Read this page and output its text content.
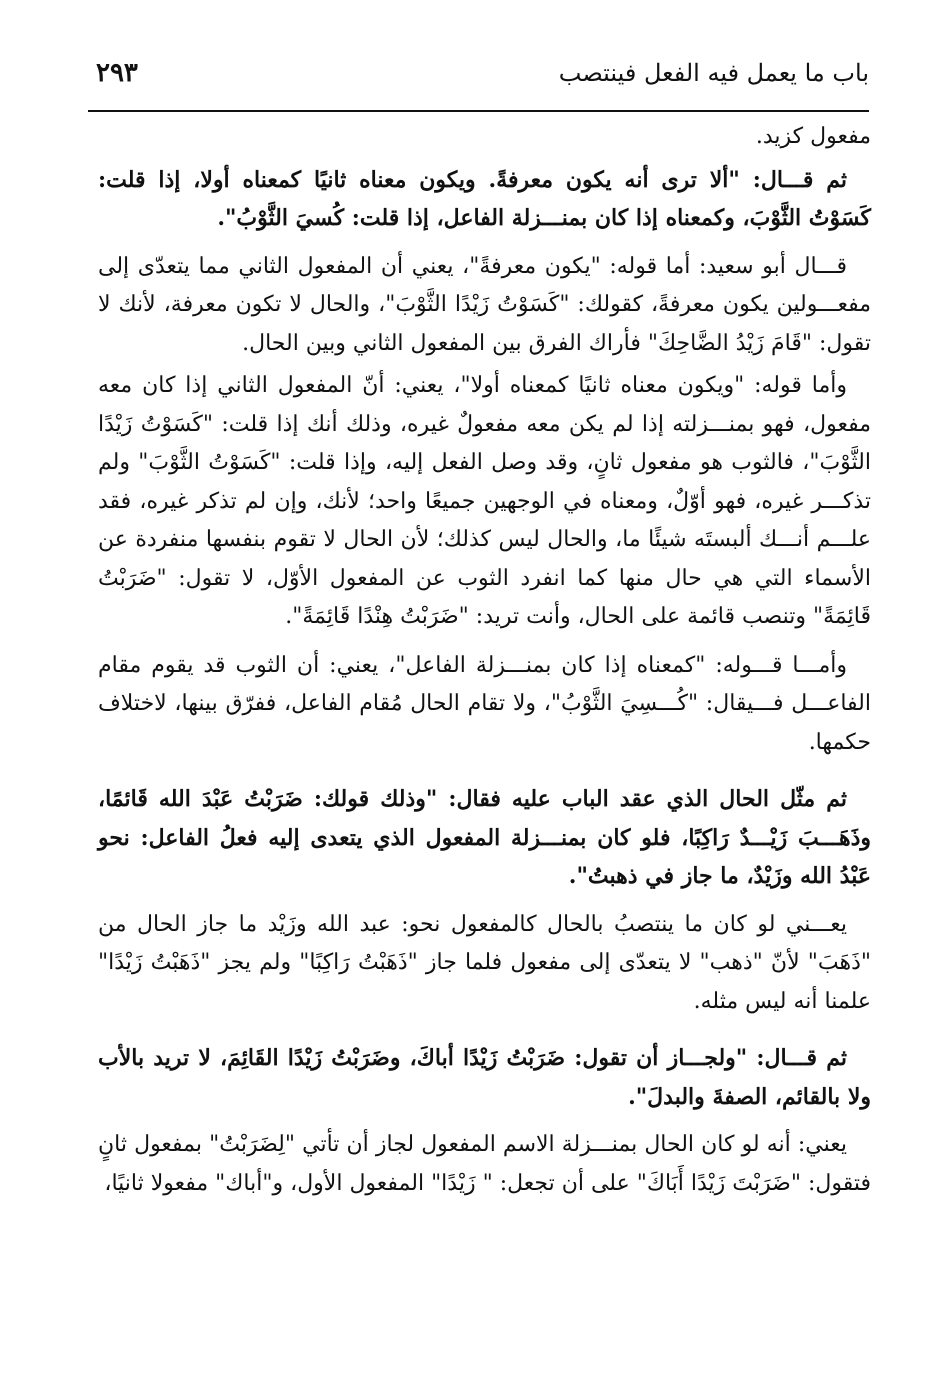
باب ما يعمل فيه الفعل فينتصب
٢٩٣

مفعول كزيد.

ثم قـــال: "ألا ترى أنه يكون معرفةً. ويكون معناه ثانيًا كمعناه أولا، إذا قلت: كَسَوْتُ الثَّوْبَ، وكمعناه إذا كان بمنـــزلة الفاعل، إذا قلت: كُسيَ الثَّوْبُ".

قـــال أبو سعيد: أما قوله: "يكون معرفةً"، يعني أن المفعول الثاني مما يتعدّى إلى مفعـــولين يكون معرفةً، كقولك: "كَسَوْتُ زَيْدًا الثَّوْبَ"، والحال لا تكون معرفة، لأنك لا تقول: "قَامَ زَيْدُ الضَّاحِكَ" فأراك الفرق بين المفعول الثاني وبين الحال.

وأما قوله: "ويكون معناه ثانيًا كمعناه أولا"، يعني: أنّ المفعول الثاني إذا كان معه مفعول، فهو بمنـــزلته إذا لم يكن معه مفعولٌ غيره، وذلك أنك إذا قلت: "كَسَوْتُ زَيْدًا الثَّوْبَ"، فالثوب هو مفعول ثانٍ، وقد وصل الفعل إليه، وإذا قلت: "كَسَوْتُ الثَّوْبَ" ولم تذكـــر غيره، فهو أوّلٌ، ومعناه في الوجهين جميعًا واحد؛ لأنك، وإن لم تذكر غيره، فقد علـــم أنـــك ألبستَه شيئًا ما، والحال ليس كذلك؛ لأن الحال لا تقوم بنفسها منفردة عن الأسماء التي هي حال منها كما انفرد الثوب عن المفعول الأوّل، لا تقول: "ضَرَبْتُ قَائِمَةً" وتنصب قائمة على الحال، وأنت تريد: "ضَرَبْتُ هِنْدًا قَائِمَةً".

وأمـــا قـــوله: "كمعناه إذا كان بمنـــزلة الفاعل"، يعني: أن الثوب قد يقوم مقام الفاعـــل فـــيقال: "كُـــسِيَ الثَّوْبُ"، ولا تقام الحال مُقام الفاعل، ففرّق بينها، لاختلاف حكمها.

ثم مثّل الحال الذي عقد الباب عليه فقال: "وذلك قولك: ضَرَبْتُ عَبْدَ الله قَائمًا، وذَهَـــبَ زَيْـــدٌ رَاكِبًا، فلو كان بمنـــزلة المفعول الذي يتعدى إليه فعلُ الفاعل: نحو عَبْدُ الله وزَيْدٌ، ما جاز في ذهبتُ".

يعـــني لو كان ما ينتصبُ بالحال كالمفعول نحو: عبد الله وزَيْد ما جاز الحال من "ذَهَبَ" لأنّ "ذهب" لا يتعدّى إلى مفعول فلما جاز "ذَهَبْتُ رَاكِبًا" ولم يجز "ذَهَبْتُ زَيْدًا" علمنا أنه ليس مثله.

ثم قـــال: "ولجـــاز أن تقول: ضَرَبْتُ زَيْدًا أباكَ، وضَرَبْتُ زَيْدًا القَائِمَ، لا تريد بالأب ولا بالقائم، الصفةَ والبدلَ".

يعني: أنه لو كان الحال بمنـــزلة الاسم المفعول لجاز أن تأتي "لِضَرَبْتُ" بمفعول ثانٍ فتقول: "ضَرَبْتَ زَيْدًا أَبَاكَ" على أن تجعل: " زَيْدًا" المفعول الأول، و"أباك" مفعولا ثانيًا،
